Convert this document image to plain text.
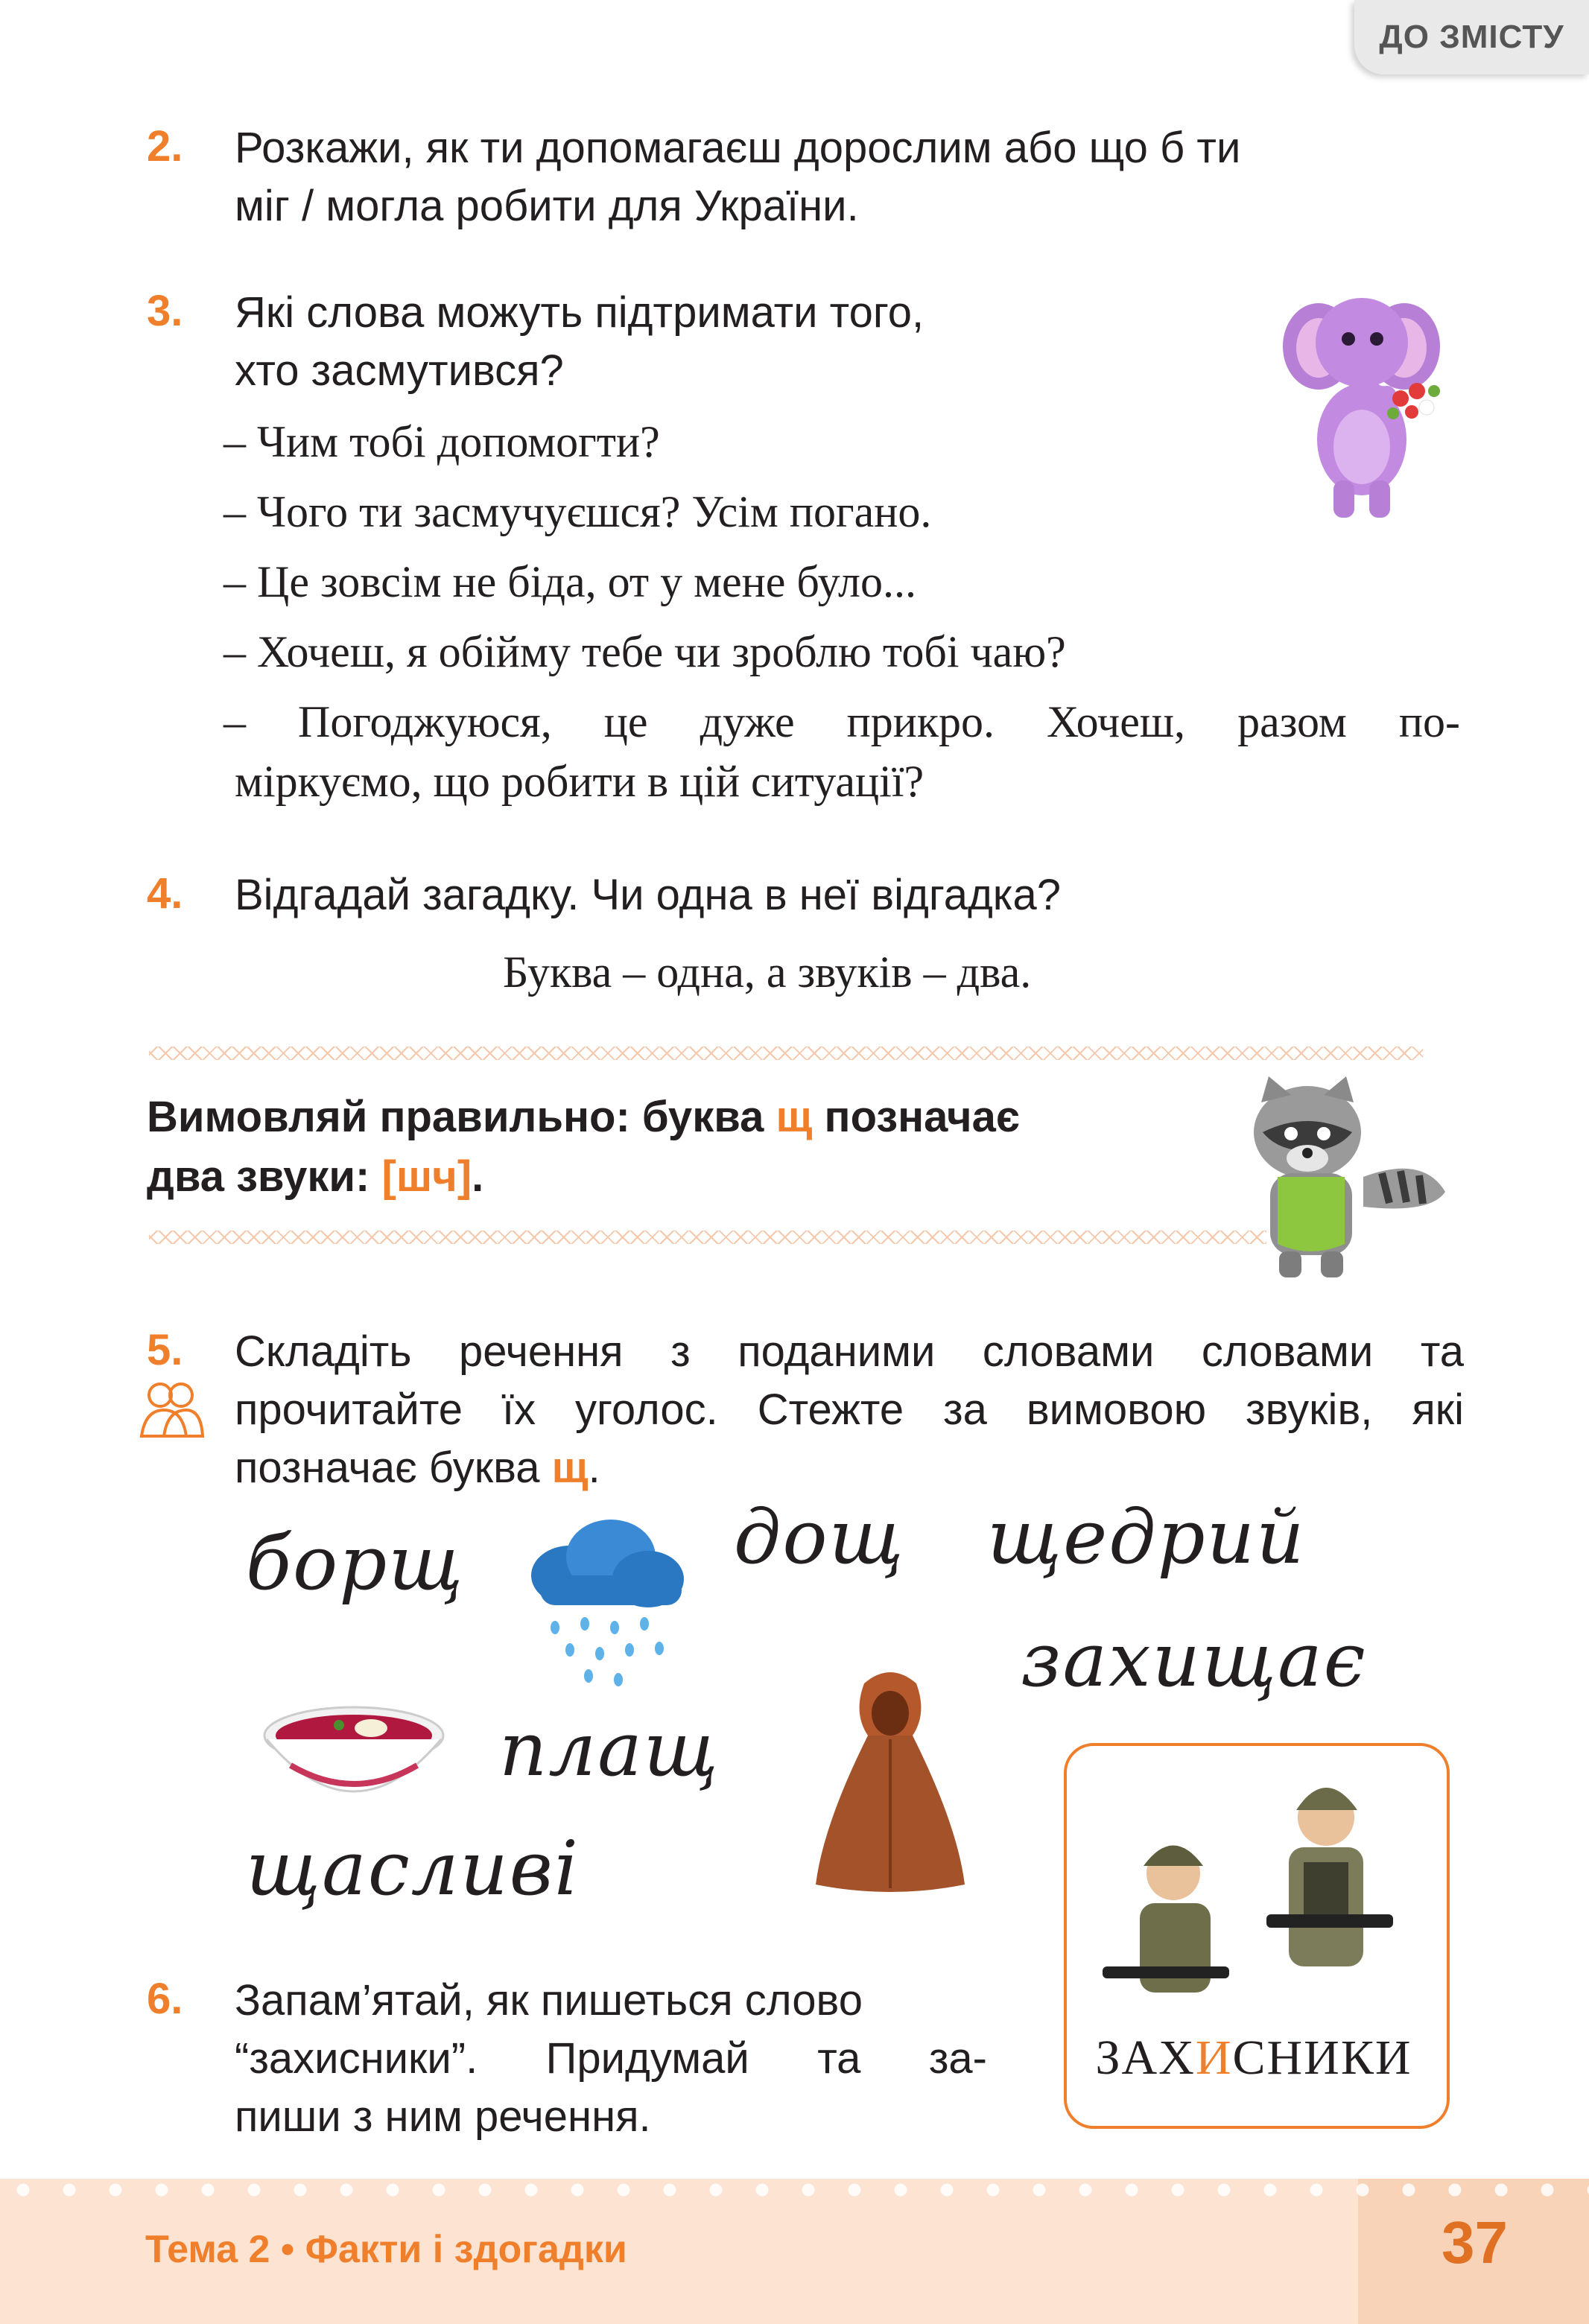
ДО ЗМІСТУ
2. Розкажи, як ти допомагаєш дорослим або що б ти
міг / могла робити для України.
3. Які слова можуть підтримати того,
хто засмутився?
– Чим тобі допомогти?
– Чого ти засмучуєшся? Усім погано.
– Це зовсім не біда, от у мене було...
– Хочеш, я обійму тебе чи зроблю тобі чаю?
– Погоджуюся, це дуже прикро. Хочеш, разом по-
міркуємо, що робити в цій ситуації?
4. Відгадай загадку. Чи одна в неї відгадка?
Буква – одна, а звуків – два.
Вимовляй правильно: буква щ позначає
два звуки: [шч].
5. Складіть речення з поданими словами словами та
прочитайте їх уголос. Стежте за вимовою звуків, які
позначає буква щ.
борщ	дощ щедрий
захищає
плащ
щасливі
ЗАХИСНИКИ
6. Запам’ятай, як пишеться слово
“захисники”. Придумай та за-
пиши з ним речення.
Тема 2 • Факти і здогадки	37
